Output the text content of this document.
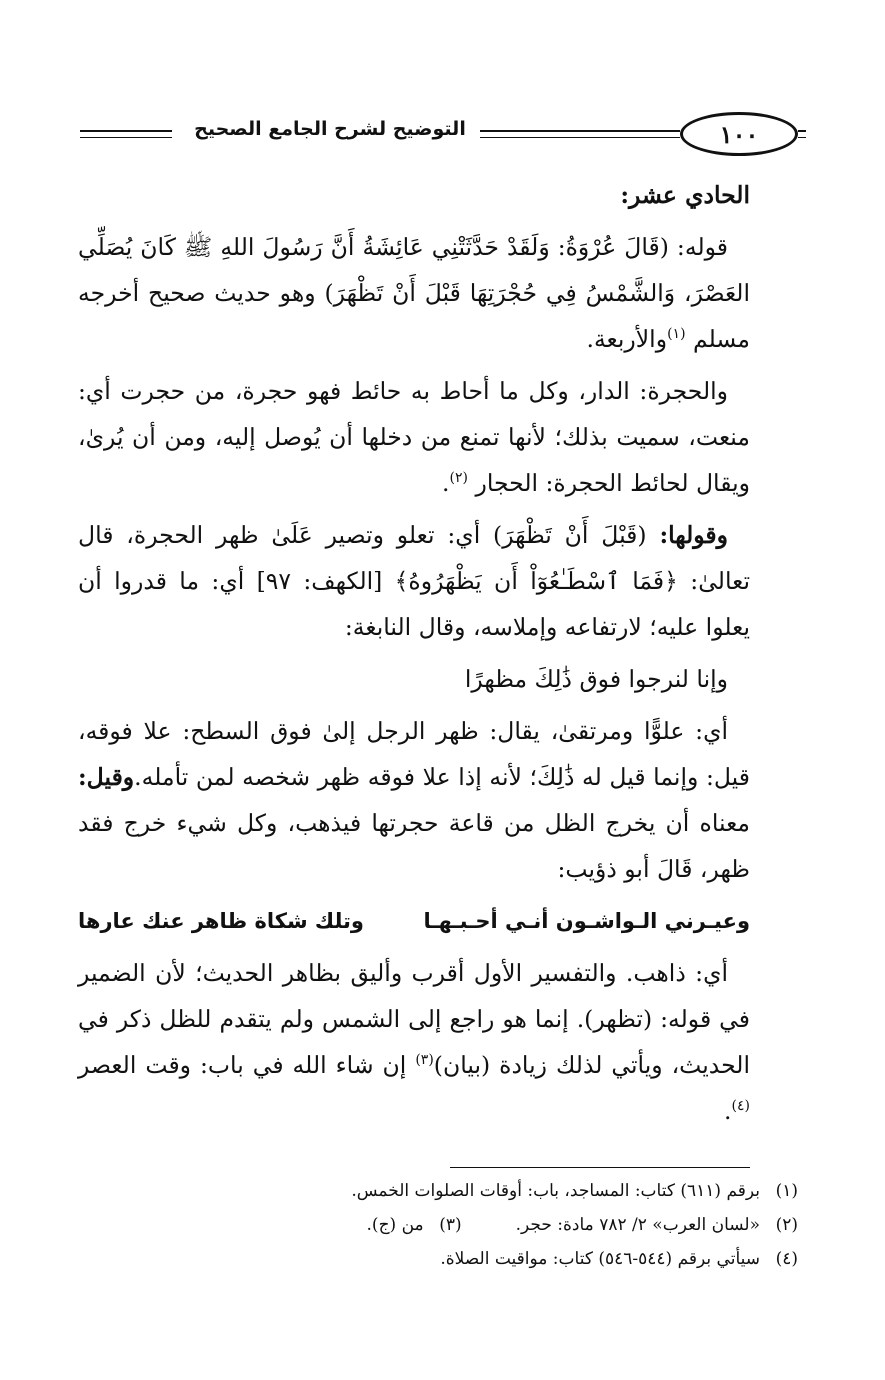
١٠٠
التوضيح لشرح الجامع الصحيح

الحادي عشر:

قوله: (قَالَ عُرْوَةُ: وَلَقَدْ حَدَّثَتْنِي عَائِشَةُ أَنَّ رَسُولَ اللهِ ﷺ كَانَ يُصَلِّي العَصْرَ، وَالشَّمْسُ فِي حُجْرَتِهَا قَبْلَ أَنْ تَظْهَرَ) وهو حديث صحيح أخرجه مسلم $^{(١)}$والأربعة.

والحجرة: الدار، وكل ما أحاط به حائط فهو حجرة، من حجرت أي: منعت، سميت بذلك؛ لأنها تمنع من دخلها أن يُوصل إليه، ومن أن يُرىٰ، ويقال لحائط الحجرة: الحجار $^{(٢)}$.

وقولها: (قَبْلَ أَنْ تَظْهَرَ) أي: تعلو وتصير عَلَىٰ ظهر الحجرة، قال تعالىٰ: ﴿فَمَا ٱسْطَـٰعُوٓاْ أَن يَظْهَرُوهُ﴾ [الكهف: ٩٧] أي: ما قدروا أن يعلوا عليه؛ لارتفاعه وإملاسه، وقال النابغة:

وإنا لنرجوا فوق ذَٰلِكَ مظهرًا

أي: علوًّا ومرتقىٰ، يقال: ظهر الرجل إلىٰ فوق السطح: علا فوقه، قيل: وإنما قيل له ذَٰلِكَ؛ لأنه إذا علا فوقه ظهر شخصه لمن تأمله.وقيل: معناه أن يخرج الظل من قاعة حجرتها فيذهب، وكل شيء خرج فقد ظهر، قَالَ أبو ذؤيب:

وعيـرني الـواشـون أنـي أحـبـهـا
وتلك شكاة ظاهر عنك عارها

أي: ذاهب. والتفسير الأول أقرب وأليق بظاهر الحديث؛ لأن الضمير في قوله: (تظهر). إنما هو راجع إلى الشمس ولم يتقدم للظل ذكر في الحديث، ويأتي لذلك زيادة (بيان)$^{(٣)}$ إن شاء الله في باب: وقت العصر $^{(٤)}$.

(١)برقم (٦١١) كتاب: المساجد، باب: أوقات الصلوات الخمس.

(٢)«لسان العرب» ٢/ ٧٨٢ مادة: حجر.(٣)من (ج).

(٤)سيأتي برقم (٥٤٤-٥٤٦) كتاب: مواقيت الصلاة.
